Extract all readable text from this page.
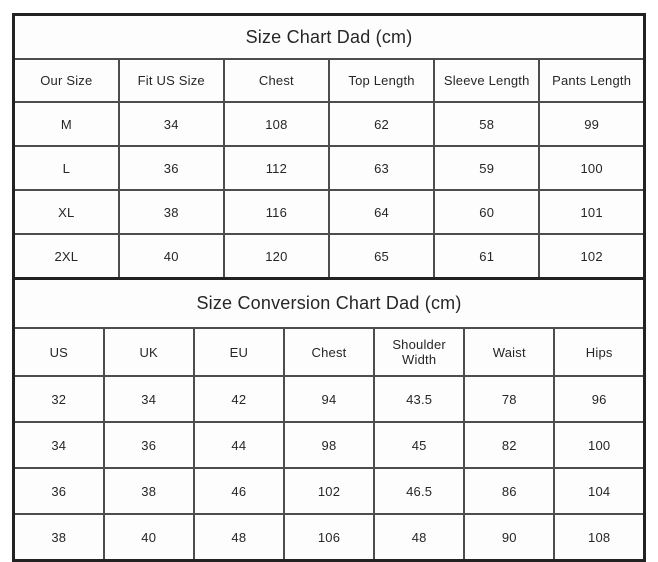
Size Chart Dad (cm)					
Our Size	Fit US Size	Chest	Top Length	Sleeve Length	Pants Length
M	34	108	62	58	99
L	36	112	63	59	100
XL	38	116	64	60	101
2XL	40	120	65	61	102
Size Conversion Chart Dad (cm)						
US	UK	EU	Chest	Shoulder Width	Waist	Hips
32	34	42	94	43.5	78	96
34	36	44	98	45	82	100
36	38	46	102	46.5	86	104
38	40	48	106	48	90	108
